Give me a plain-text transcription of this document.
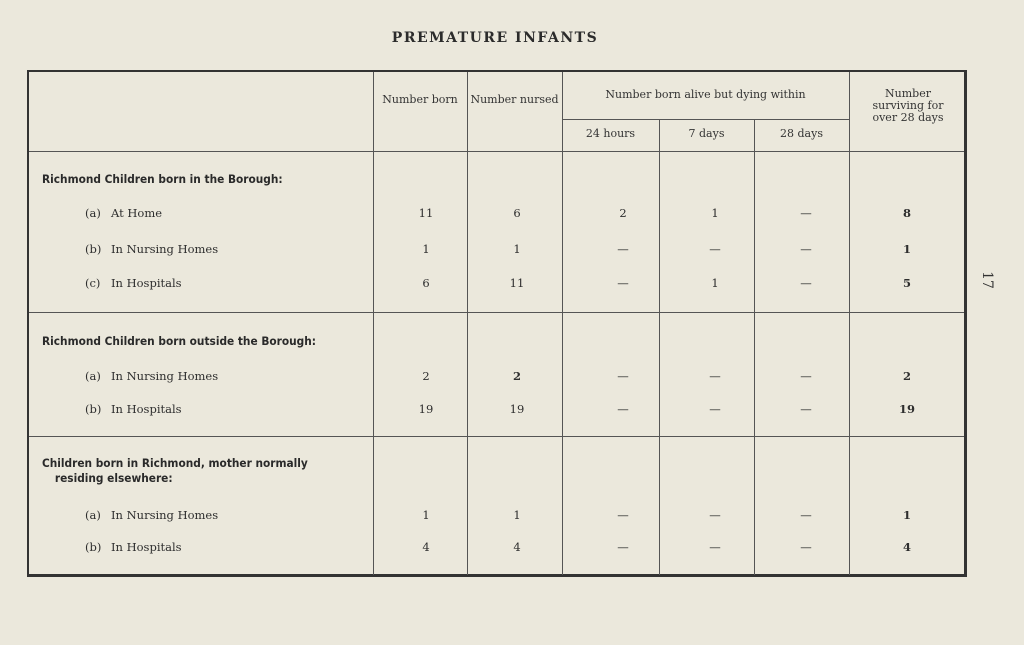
PREMATURE INFANTS
17
Number born	Number nursed	Number born alive but dying within
24 hours	7 days	28 days
Number surviving for over 28 days
Richmond Children born in the Borough:
(a) At Home	11	6	2	1	—	8
(b) In Nursing Homes	1	1	—	—	—	1
(c) In Hospitals	6	11	—	1	—	5
Richmond Children born outside the Borough:
(a) In Nursing Homes	2	2	—	—	—	2
(b) In Hospitals	19	19	—	—	—	19
Children born in Richmond, mother normally
residing elsewhere:
(a) In Nursing Homes	1	1	—	—	—	1
(b) In Hospitals	4	4	—	—	—	4
